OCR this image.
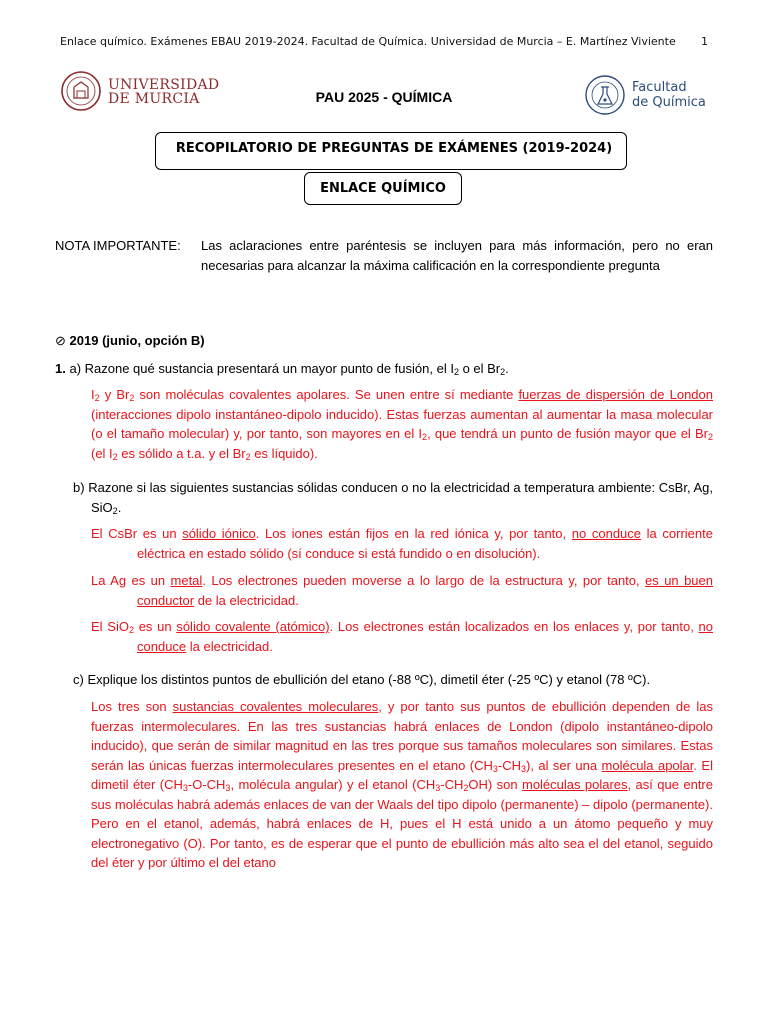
Enlace químico. Exámenes EBAU 2019-2024. Facultad de Química. Universidad de Murcia – E. Martínez Viviente 1
UNIVERSIDAD
DE MURCIA	PAU 2025 - QUÍMICA
Facultad
de Química
RECOPILATORIO DE PREGUNTAS DE EXÁMENES (2019-2024)
ENLACE QUÍMICO
NOTA IMPORTANTE: Las aclaraciones entre paréntesis se incluyen para más información, pero no eran necesarias para alcanzar la máxima calificación en la correspondiente pregunta
⊘ 2019 (junio, opción B)
1. a) Razone qué sustancia presentará un mayor punto de fusión, el $I_2$ o el $Br_2$.
$I_2$ y $Br_2$ son moléculas covalentes apolares. Se unen entre sí mediante fuerzas de dispersión de London (interacciones dipolo instantáneo-dipolo inducido). Estas fuerzas aumentan al aumentar la masa molecular (o el tamaño molecular) y, por tanto, son mayores en el $I_2$, que tendrá un punto de fusión mayor que el $Br_2$ (el $I_2$ es sólido a t.a. y el $Br_2$ es líquido).
b) Razone si las siguientes sustancias sólidas conducen o no la electricidad a temperatura ambiente: CsBr, Ag, SiO$_2$.
El CsBr es un sólido iónico. Los iones están fijos en la red iónica y, por tanto, no conduce la corriente eléctrica en estado sólido (sí conduce si está fundido o en disolución).
La Ag es un metal. Los electrones pueden moverse a lo largo de la estructura y, por tanto, es un buen conductor de la electricidad.
El SiO$_2$ es un sólido covalente (atómico). Los electrones están localizados en los enlaces y, por tanto, no conduce la electricidad.
c) Explique los distintos puntos de ebullición del etano (-88 ºC), dimetil éter (-25 ºC) y etanol (78 ºC).
Los tres son sustancias covalentes moleculares, y por tanto sus puntos de ebullición dependen de las fuerzas intermoleculares. En las tres sustancias habrá enlaces de London (dipolo instantáneo-dipolo inducido), que serán de similar magnitud en las tres porque sus tamaños moleculares son similares. Estas serán las únicas fuerzas intermoleculares presentes en el etano $(CH_3-CH_3)$, al ser una molécula apolar. El dimetil éter ($CH_3-O-CH_3$, molécula angular) y el etanol $(CH_3-CH_2OH)$ son moléculas polares, así que entre sus moléculas habrá además enlaces de van der Waals del tipo dipolo (permanente) – dipolo (permanente). Pero en el etanol, además, habrá enlaces de H, pues el H está unido a un átomo pequeño y muy electronegativo (O). Por tanto, es de esperar que el punto de ebullición más alto sea el del etanol, seguido del éter y por último el del etano
